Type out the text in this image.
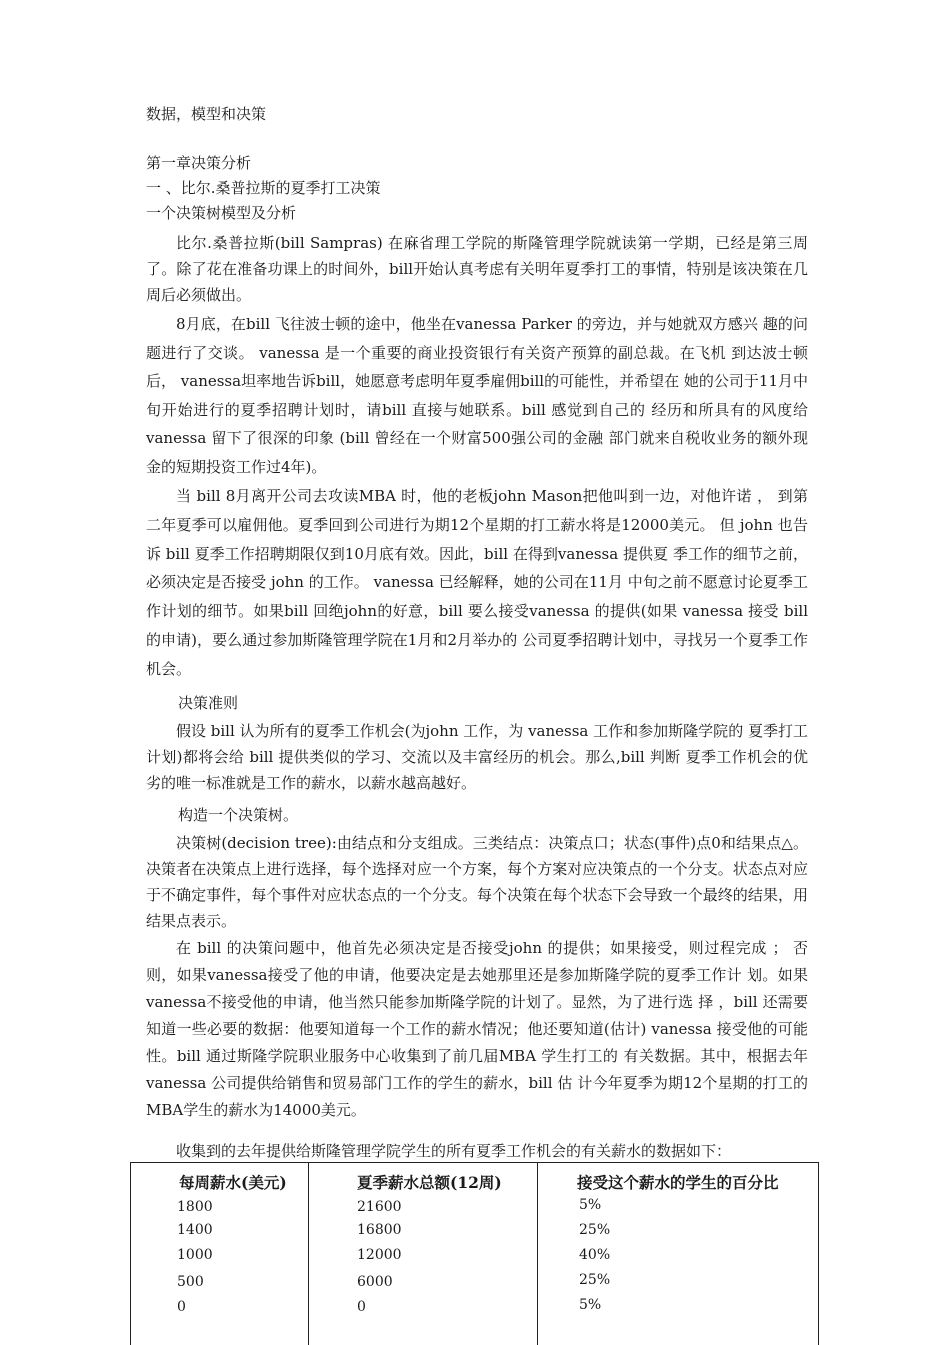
数据，模型和决策
第一章决策分析
一 、比尔.桑普拉斯的夏季打工决策
一个决策树模型及分析
比尔.桑普拉斯(bill Sampras) 在麻省理工学院的斯隆管理学院就读第一学期，已经是第三周了。除了花在准备功课上的时间外，bill开始认真考虑有关明年夏季打工的事情，特别是该决策在几周后必须做出。
8月底，在bill 飞往波士顿的途中，他坐在vanessa Parker 的旁边，并与她就双方感兴 趣的问题进行了交谈。 vanessa 是一个重要的商业投资银行有关资产预算的副总裁。在飞机 到达波士顿后， vanessa坦率地告诉bill，她愿意考虑明年夏季雇佣bill的可能性，并希望在 她的公司于11月中旬开始进行的夏季招聘计划时，请bill 直接与她联系。bill 感觉到自己的 经历和所具有的风度给 vanessa 留下了很深的印象 (bill 曾经在一个财富500强公司的金融 部门就来自税收业务的额外现金的短期投资工作过4年)。
当 bill 8月离开公司去攻读MBA 时，他的老板john Mason把他叫到一边，对他许诺 ， 到第二年夏季可以雇佣他。夏季回到公司进行为期12个星期的打工薪水将是12000美元。 但 john 也告诉 bill 夏季工作招聘期限仅到10月底有效。因此，bill 在得到vanessa 提供夏 季工作的细节之前，必须决定是否接受 john 的工作。 vanessa 已经解释，她的公司在11月 中旬之前不愿意讨论夏季工作计划的细节。如果bill 回绝john的好意，bill 要么接受vanessa 的提供(如果 vanessa 接受 bill 的申请)，要么通过参加斯隆管理学院在1月和2月举办的 公司夏季招聘计划中，寻找另一个夏季工作机会。
决策准则
假设 bill 认为所有的夏季工作机会(为john 工作，为 vanessa 工作和参加斯隆学院的 夏季打工计划)都将会给 bill 提供类似的学习、交流以及丰富经历的机会。那么,bill 判断 夏季工作机会的优劣的唯一标准就是工作的薪水，以薪水越高越好。
构造一个决策树。
决策树(decision tree):由结点和分支组成。三类结点：决策点口；状态(事件)点0和结果点△。决策者在决策点上进行选择，每个选择对应一个方案，每个方案对应决策点的一个分支。状态点对应于不确定事件，每个事件对应状态点的一个分支。每个决策在每个状态下会导致一个最终的结果，用结果点表示。
在 bill 的决策问题中，他首先必须决定是否接受john 的提供；如果接受，则过程完成 ； 否则，如果vanessa接受了他的申请，他要决定是去她那里还是参加斯隆学院的夏季工作计 划。如果 vanessa不接受他的申请，他当然只能参加斯隆学院的计划了。显然，为了进行选 择 ，bill 还需要知道一些必要的数据：他要知道每一个工作的薪水情况；他还要知道(估计) vanessa 接受他的可能性。bill 通过斯隆学院职业服务中心收集到了前几届MBA 学生打工的 有关数据。其中，根据去年 vanessa 公司提供给销售和贸易部门工作的学生的薪水，bill 估 计今年夏季为期12个星期的打工的 MBA学生的薪水为14000美元。
收集到的去年提供给斯隆管理学院学生的所有夏季工作机会的有关薪水的数据如下：
每周薪水(美元)	夏季薪水总额(12周)	接受这个薪水的学生的百分比
1800	21600	5%
1400	16800	25%
1000	12000	40%
500	6000	25%
0	0	5%
